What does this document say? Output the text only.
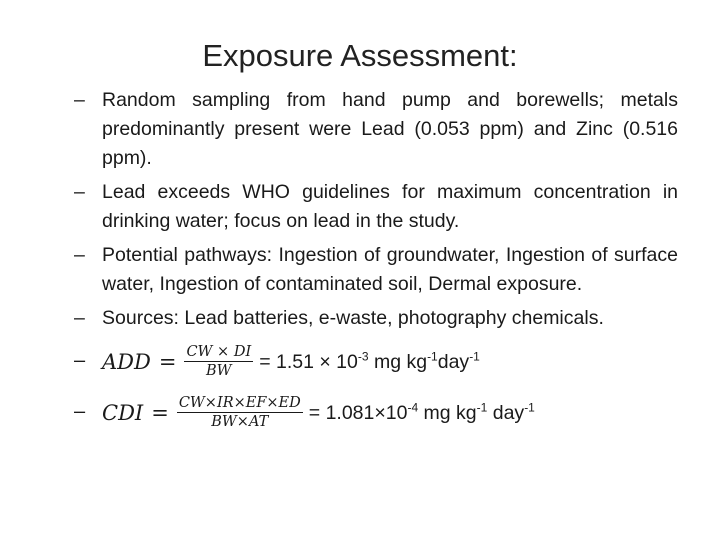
Exposure Assessment:
– Random sampling from hand pump and borewells; metals predominantly present were Lead (0.053 ppm) and Zinc (0.516 ppm).
– Lead exceeds WHO guidelines for maximum concentration in drinking water; focus on lead in the study.
– Potential pathways: Ingestion of groundwater, Ingestion of surface water, Ingestion of contaminated soil, Dermal exposure.
– Sources: Lead batteries, e-waste, photography chemicals.
– ADD = $\frac{CW \times DI}{BW} = 1.51 \times 10^{-3}$ mg $kg^{-1}day^{-1}$
– CDI = $\frac{CW\times IR\times EF\times ED}{BW\times AT} = 1.081\times 10^{-4}$ mg $kg^{-1}$ day$^{-1}$
